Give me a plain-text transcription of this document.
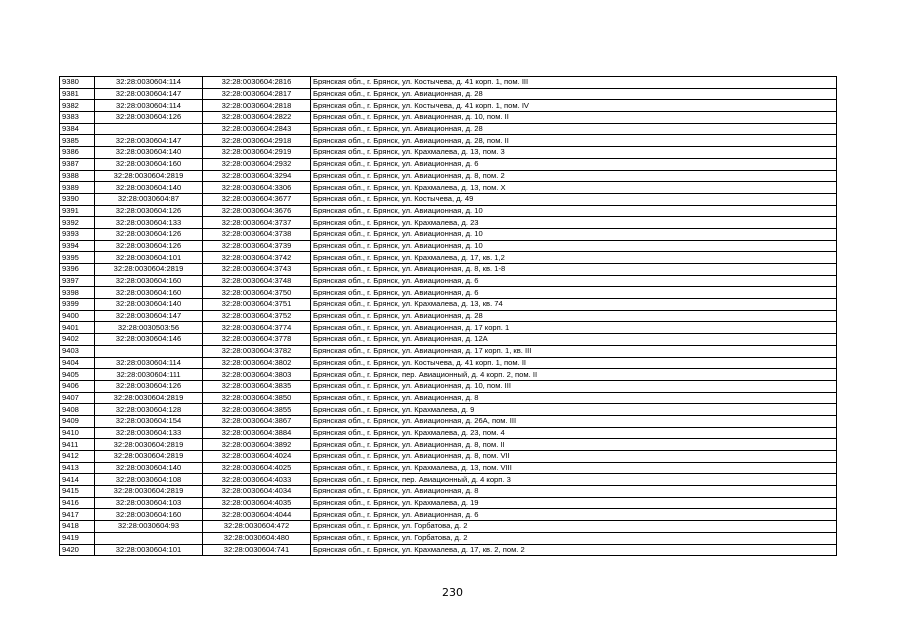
9380	32:28:0030604:114	32:28:0030604:2816	Брянская обл., г. Брянск, ул. Костычева, д. 41 корп. 1, пом. III
9381	32:28:0030604:147	32:28:0030604:2817	Брянская обл., г. Брянск, ул. Авиационная, д. 28
9382	32:28:0030604:114	32:28:0030604:2818	Брянская обл., г. Брянск, ул. Костычева, д. 41 корп. 1, пом. IV
9383	32:28:0030604:126	32:28:0030604:2822	Брянская обл., г. Брянск, ул. Авиационная, д. 10, пом. II
9384		32:28:0030604:2843	Брянская обл., г. Брянск, ул. Авиационная, д. 28
9385	32:28:0030604:147	32:28:0030604:2918	Брянская обл., г. Брянск, ул. Авиационная, д. 28, пом. II
9386	32:28:0030604:140	32:28:0030604:2919	Брянская обл., г. Брянск, ул. Крахмалева, д. 13, пом. 3
9387	32:28:0030604:160	32:28:0030604:2932	Брянская обл., г. Брянск, ул. Авиационная, д. 6
9388	32:28:0030604:2819	32:28:0030604:3294	Брянская обл., г. Брянск, ул. Авиационная, д. 8, пом. 2
9389	32:28:0030604:140	32:28:0030604:3306	Брянская обл., г. Брянск, ул. Крахмалева, д. 13, пом. X
9390	32:28:0030604:87	32:28:0030604:3677	Брянская обл., г. Брянск, ул. Костычева, д. 49
9391	32:28:0030604:126	32:28:0030604:3676	Брянская обл., г. Брянск, ул. Авиационная, д. 10
9392	32:28:0030604:133	32:28:0030604:3737	Брянская обл., г. Брянск, ул. Крахмалева, д. 23
9393	32:28:0030604:126	32:28:0030604:3738	Брянская обл., г. Брянск, ул. Авиационная, д. 10
9394	32:28:0030604:126	32:28:0030604:3739	Брянская обл., г. Брянск, ул. Авиационная, д. 10
9395	32:28:0030604:101	32:28:0030604:3742	Брянская обл., г. Брянск, ул. Крахмалева, д. 17, кв. 1,2
9396	32:28:0030604:2819	32:28:0030604:3743	Брянская обл., г. Брянск, ул. Авиационная, д. 8, кв. 1-8
9397	32:28:0030604:160	32:28:0030604:3748	Брянская обл., г. Брянск, ул. Авиационная, д. 6
9398	32:28:0030604:160	32:28:0030604:3750	Брянская обл., г. Брянск, ул. Авиационная, д. 6
9399	32:28:0030604:140	32:28:0030604:3751	Брянская обл., г. Брянск, ул. Крахмалева, д. 13, кв. 74
9400	32:28:0030604:147	32:28:0030604:3752	Брянская обл., г. Брянск, ул. Авиационная, д. 28
9401	32:28:0030503:56	32:28:0030604:3774	Брянская обл., г. Брянск, ул. Авиационная, д. 17 корп. 1
9402	32:28:0030604:146	32:28:0030604:3778	Брянская обл., г. Брянск, ул. Авиационная, д. 12А
9403		32:28:0030604:3782	Брянская обл., г. Брянск, ул. Авиационная, д. 17 корп. 1, кв. III
9404	32:28:0030604:114	32:28:0030604:3802	Брянская обл., г. Брянск, ул. Костычева, д. 41 корп. 1, пом. II
9405	32:28:0030604:111	32:28:0030604:3803	Брянская обл., г. Брянск, пер. Авиационный, д. 4 корп. 2, пом. II
9406	32:28:0030604:126	32:28:0030604:3835	Брянская обл., г. Брянск, ул. Авиационная, д. 10, пом. III
9407	32:28:0030604:2819	32:28:0030604:3850	Брянская обл., г. Брянск, ул. Авиационная, д. 8
9408	32:28:0030604:128	32:28:0030604:3855	Брянская обл., г. Брянск, ул. Крахмалева, д. 9
9409	32:28:0030604:154	32:28:0030604:3867	Брянская обл., г. Брянск, ул. Авиационная, д. 26А, пом. III
9410	32:28:0030604:133	32:28:0030604:3884	Брянская обл., г. Брянск, ул. Крахмалева, д. 23, пом. 4
9411	32:28:0030604:2819	32:28:0030604:3892	Брянская обл., г. Брянск, ул. Авиационная, д. 8, пом. II
9412	32:28:0030604:2819	32:28:0030604:4024	Брянская обл., г. Брянск, ул. Авиационная, д. 8, пом. VII
9413	32:28:0030604:140	32:28:0030604:4025	Брянская обл., г. Брянск, ул. Крахмалева, д. 13, пом. VIII
9414	32:28:0030604:108	32:28:0030604:4033	Брянская обл., г. Брянск, пер. Авиационный, д. 4 корп. 3
9415	32:28:0030604:2819	32:28:0030604:4034	Брянская обл., г. Брянск, ул. Авиационная, д. 8
9416	32:28:0030604:103	32:28:0030604:4035	Брянская обл., г. Брянск, ул. Крахмалева, д. 19
9417	32:28:0030604:160	32:28:0030604:4044	Брянская обл., г. Брянск, ул. Авиационная, д. 6
9418	32:28:0030604:93	32:28:0030604:472	Брянская обл., г. Брянск, ул. Горбатова, д. 2
9419		32:28:0030604:480	Брянская обл., г. Брянск, ул. Горбатова, д. 2
9420	32:28:0030604:101	32:28:0030604:741	Брянская обл., г. Брянск, ул. Крахмалева, д. 17, кв. 2, пом. 2
230
